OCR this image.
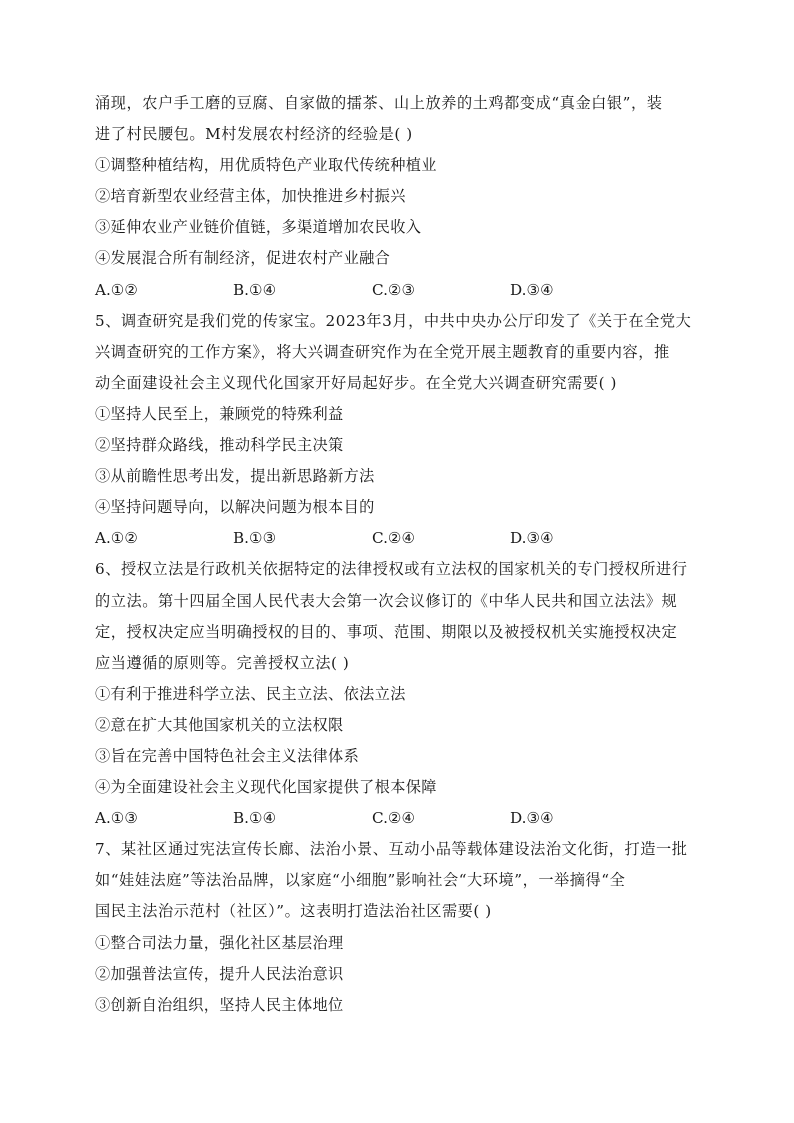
涌现，农户手工磨的豆腐、自家做的擂茶、山上放养的土鸡都变成“真金白银”，装
进了村民腰包。M村发展农村经济的经验是( )
①调整种植结构，用优质特色产业取代传统种植业
②培育新型农业经营主体，加快推进乡村振兴
③延伸农业产业链价值链，多渠道增加农民收入
④发展混合所有制经济，促进农村产业融合
A.①②	B.①④	C.②③	D.③④
5、调查研究是我们党的传家宝。2023年3月，中共中央办公厅印发了《关于在全党大
兴调查研究的工作方案》，将大兴调查研究作为在全党开展主题教育的重要内容，推
动全面建设社会主义现代化国家开好局起好步。在全党大兴调查研究需要( )
①坚持人民至上，兼顾党的特殊利益
②坚持群众路线，推动科学民主决策
③从前瞻性思考出发，提出新思路新方法
④坚持问题导向，以解决问题为根本目的
A.①②	B.①③	C.②④	D.③④
6、授权立法是行政机关依据特定的法律授权或有立法权的国家机关的专门授权所进行
的立法。第十四届全国人民代表大会第一次会议修订的《中华人民共和国立法法》规
定，授权决定应当明确授权的目的、事项、范围、期限以及被授权机关实施授权决定
应当遵循的原则等。完善授权立法( )
①有利于推进科学立法、民主立法、依法立法
②意在扩大其他国家机关的立法权限
③旨在完善中国特色社会主义法律体系
④为全面建设社会主义现代化国家提供了根本保障
A.①③	B.①④	C.②④	D.③④
7、某社区通过宪法宣传长廊、法治小景、互动小品等载体建设法治文化街，打造一批
如“娃娃法庭”等法治品牌，以家庭“小细胞”影响社会“大环境”，一举摘得“全
国民主法治示范村（社区）”。这表明打造法治社区需要( )
①整合司法力量，强化社区基层治理
②加强普法宣传，提升人民法治意识
③创新自治组织，坚持人民主体地位
